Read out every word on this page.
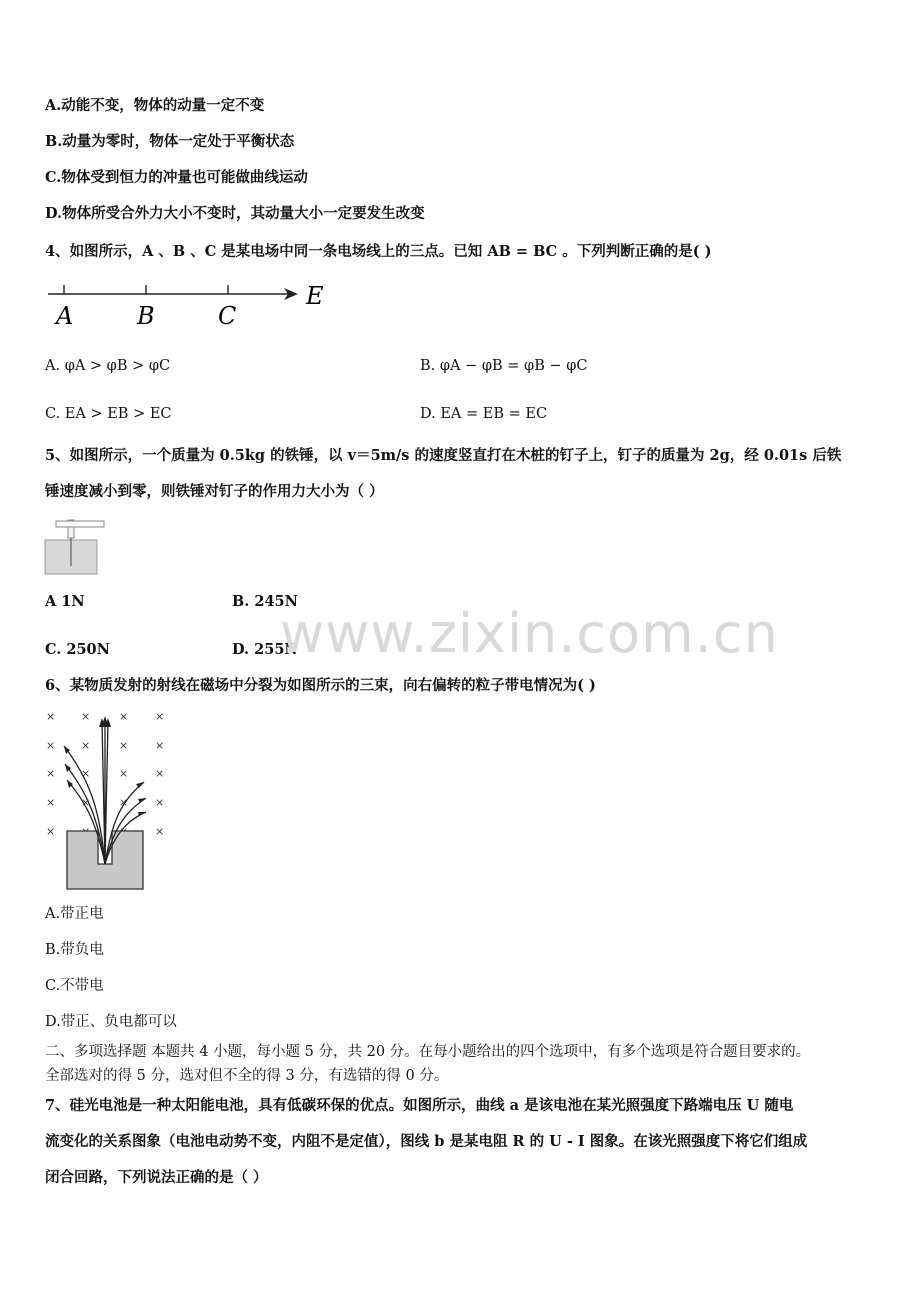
A.动能不变，物体的动量一定不变
B.动量为零时，物体一定处于平衡状态
C.物体受到恒力的冲量也可能做曲线运动
D.物体所受合外力大小不变时，其动量大小一定要发生改变
4、如图所示，A 、B 、C 是某电场中同一条电场线上的三点。已知 AB = BC 。下列判断正确的是( )
A	B	C
E
A. φA > φB > φC	B. φA − φB = φB − φC
C. EA > EB > EC	D. EA = EB = EC
5、如图所示，一个质量为 0.5kg 的铁锤，以 v＝5m/s 的速度竖直打在木桩的钉子上，钉子的质量为 2g，经 0.01s 后铁
锤速度减小到零，则铁锤对钉子的作用力大小为（ ）
A 1N	B. 245N
C. 250N	D. 255N
www.zixin.com.cn
6、某物质发射的射线在磁场中分裂为如图所示的三束，向右偏转的粒子带电情况为( )
× ×	× ×
× ×	× ×
× ×	× ×
× ×	× ×
×	×
A.带正电
B.带负电
C.不带电
D.带正、负电都可以
二、多项选择题 本题共 4 小题，每小题 5 分，共 20 分。在每小题给出的四个选项中，有多个选项是符合题目要求的。
全部选对的得 5 分，选对但不全的得 3 分，有选错的得 0 分。
7、硅光电池是一种太阳能电池，具有低碳环保的优点。如图所示，曲线 a 是该电池在某光照强度下路端电压 U 随电
流变化的关系图象（电池电动势不变，内阻不是定值），图线 b 是某电阻 R 的 U - I 图象。在该光照强度下将它们组成
闭合回路，下列说法正确的是（ ）
